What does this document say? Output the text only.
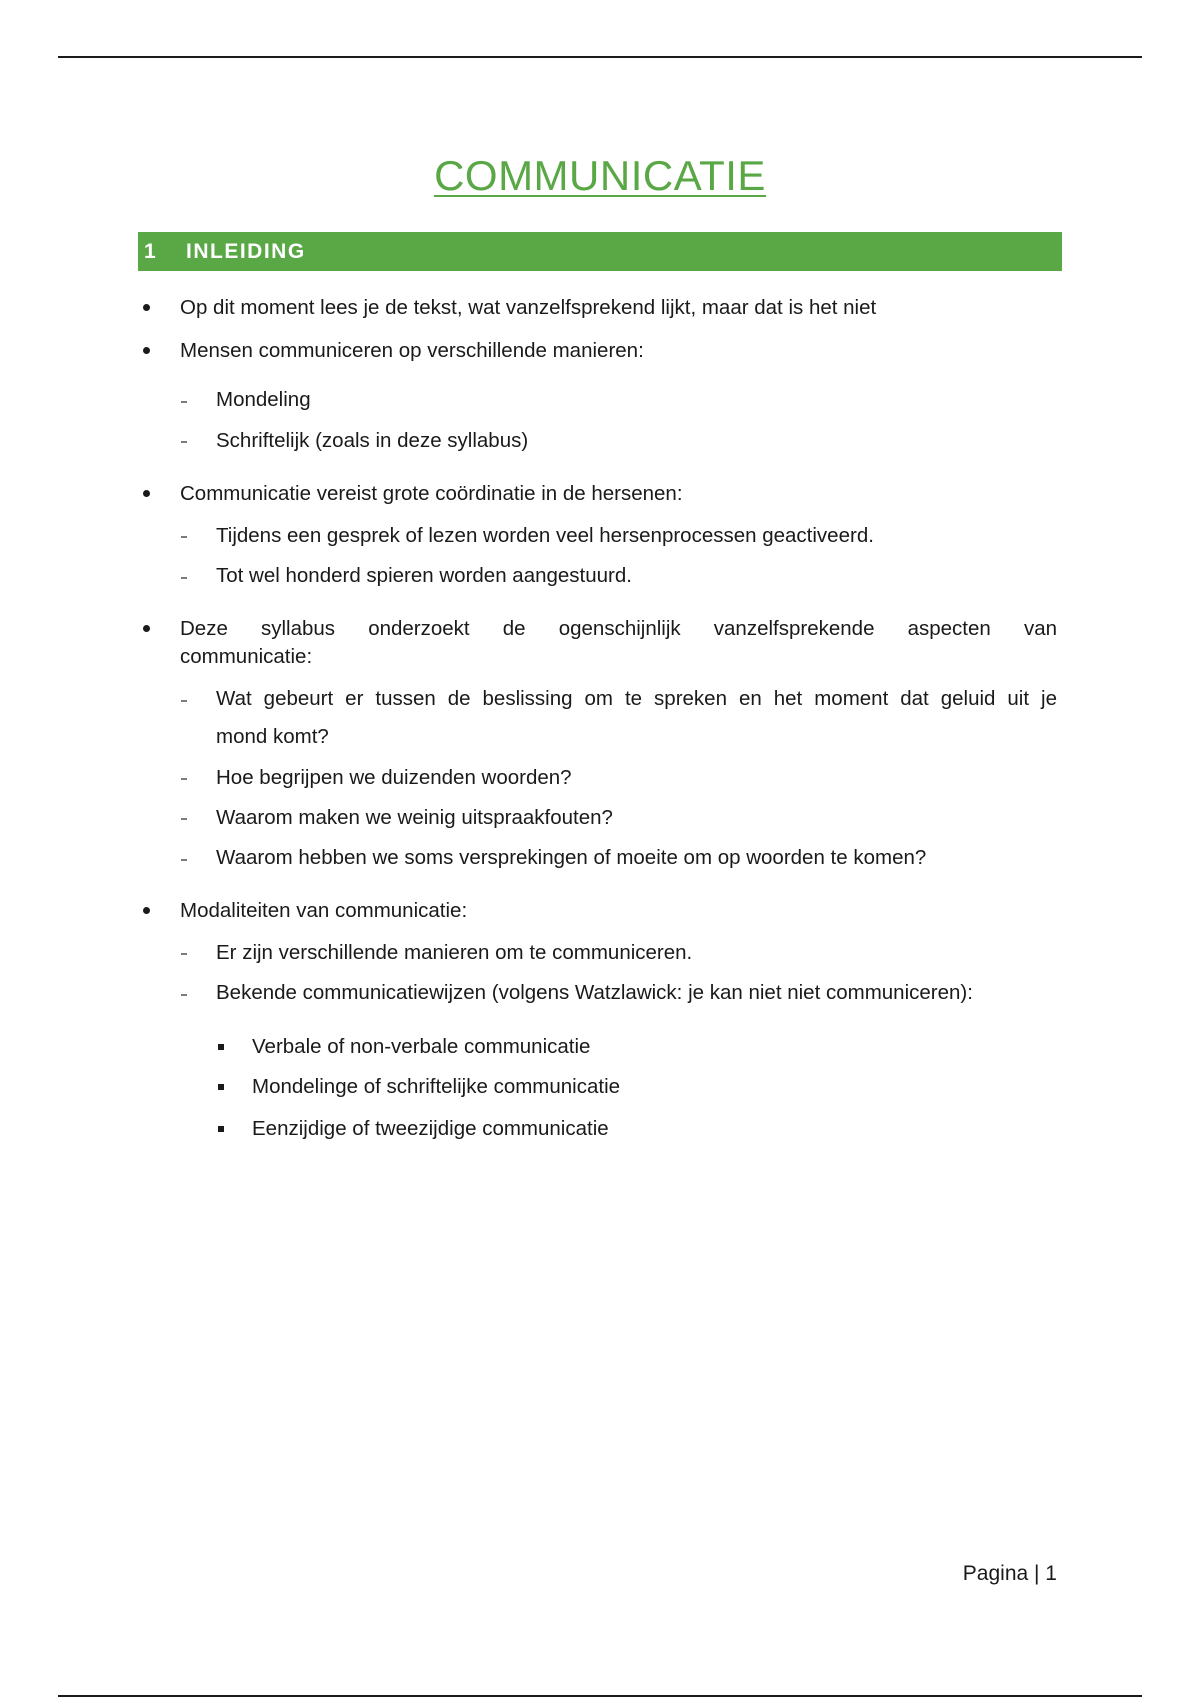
COMMUNICATIE
1	INLEIDING
Op dit moment lees je de tekst, wat vanzelfsprekend lijkt, maar dat is het niet
Mensen communiceren op verschillende manieren:
Mondeling
Schriftelijk (zoals in deze syllabus)
Communicatie vereist grote coördinatie in de hersenen:
Tijdens een gesprek of lezen worden veel hersenprocessen geactiveerd.
Tot wel honderd spieren worden aangestuurd.
Deze syllabus onderzoekt de ogenschijnlijk vanzelfsprekende aspecten van
communicatie:
Wat gebeurt er tussen de beslissing om te spreken en het moment dat geluid uit je
mond komt?
Hoe begrijpen we duizenden woorden?
Waarom maken we weinig uitspraakfouten?
Waarom hebben we soms versprekingen of moeite om op woorden te komen?
Modaliteiten van communicatie:
Er zijn verschillende manieren om te communiceren.
Bekende communicatiewijzen (volgens Watzlawick: je kan niet niet communiceren):
Verbale of non-verbale communicatie
Mondelinge of schriftelijke communicatie
Eenzijdige of tweezijdige communicatie
Pagina | 1
